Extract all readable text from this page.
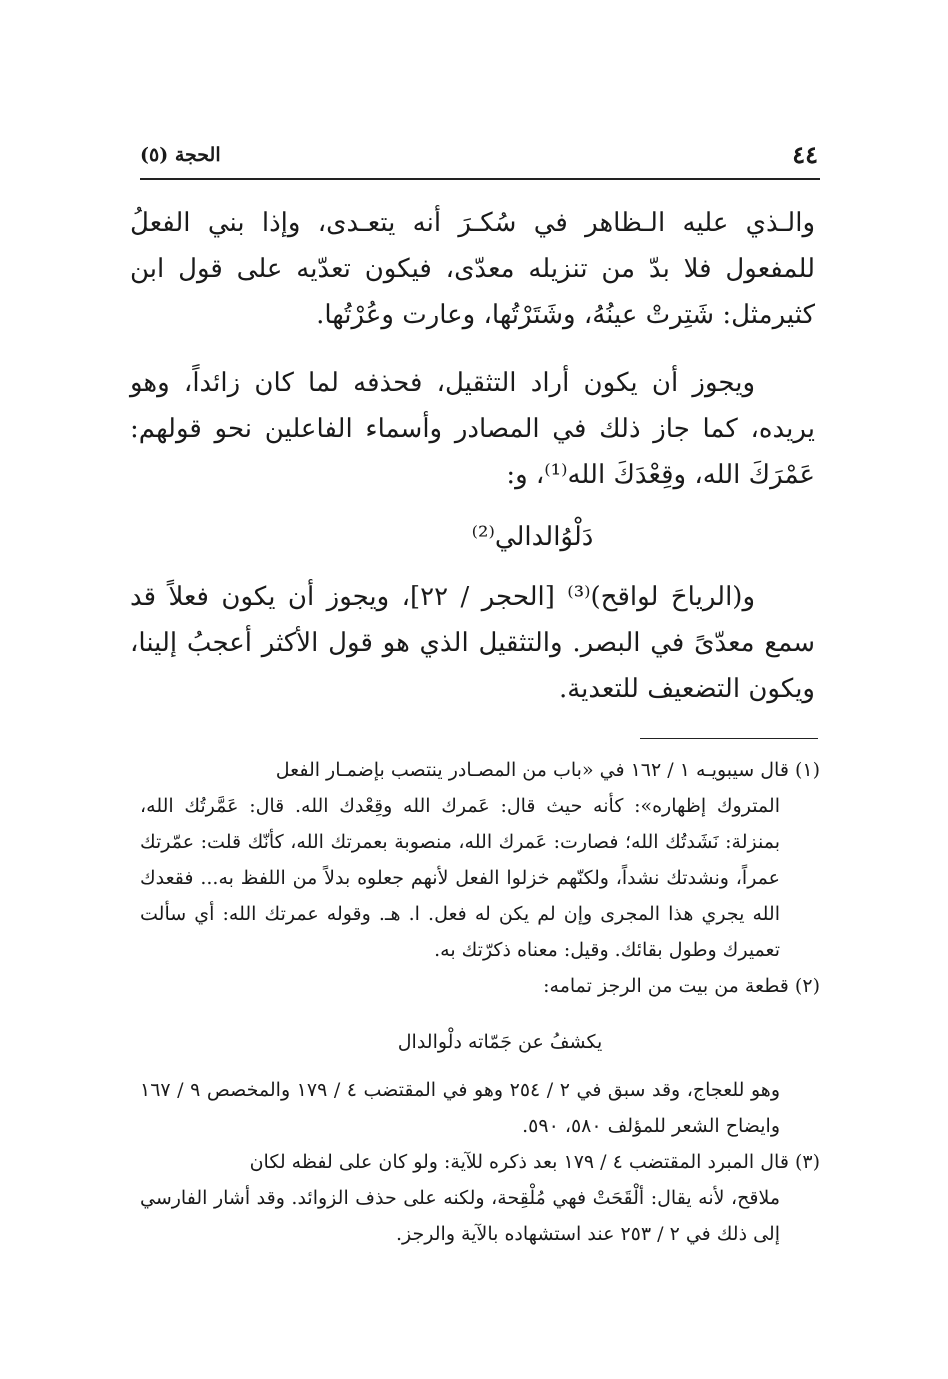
٤٤
الحجة (٥)

والـذي عليه الـظاهر في سُكـرَ أنه يتعـدى، وإذا بني الفعلُ للمفعول فلا بدّ من تنزيله معدّى، فيكون تعدّيه على قول ابن كثيرمثل: شَتِرتْ عينُهُ، وشَتَرْتُها، وعارت وعُرْتُها.

ويجوز أن يكون أراد التثقيل، فحذفه لما كان زائداً، وهو يريده، كما جاز ذلك في المصادر وأسماء الفاعلين نحو قولهم: عَمْرَكَ الله، وقِعْدَكَ الله⁽¹⁾، و:

دَلْوُالدالي⁽²⁾

و(الرياحَ لواقح)⁽³⁾ [الحجر / ٢٢]، ويجوز أن يكون فعلاً قد سمع معدّىً في البصر. والتثقيل الذي هو قول الأكثر أعجبُ إلينا، ويكون التضعيف للتعدية.

(١) قال سيبويـه ١ / ١٦٢ في «باب من المصـادر ينتصب بإضمـار الفعل

المتروك إظهاره»: كأنه حيث قال: عَمرك الله وقِعْدك الله. قال: عَمَّرتُك الله، بمنزلة: نَشَدتُك الله؛ فصارت: عَمرك الله، منصوبة بعمرتك الله، كأنّك قلت: عمّرتك عمراً، ونشدتك نشداً، ولكنّهم خزلوا الفعل لأنهم جعلوه بدلاً من اللفظ به... فقعدك الله يجري هذا المجرى وإن لم يكن له فعل. ا. هـ. وقوله عمرتك الله: أي سألت تعميرك وطول بقائك. وقيل: معناه ذكرّتك به.

(٢) قطعة من بيت من الرجز تمامه:

يكشفُ عن جَمّاته دلْوالدال

وهو للعجاج، وقد سبق في ٢ / ٢٥٤ وهو في المقتضب ٤ / ١٧٩ والمخصص ٩ / ١٦٧ وايضاح الشعر للمؤلف ٥٨٠، ٥٩٠.

(٣) قال المبرد المقتضب ٤ / ١٧٩ بعد ذكره للآية: ولو كان على لفظه لكان

ملاقح، لأنه يقال: ألْقَحَتْ فهي مُلْقِحة، ولكنه على حذف الزوائد. وقد أشار الفارسي إلى ذلك في ٢ / ٢٥٣ عند استشهاده بالآية والرجز.
